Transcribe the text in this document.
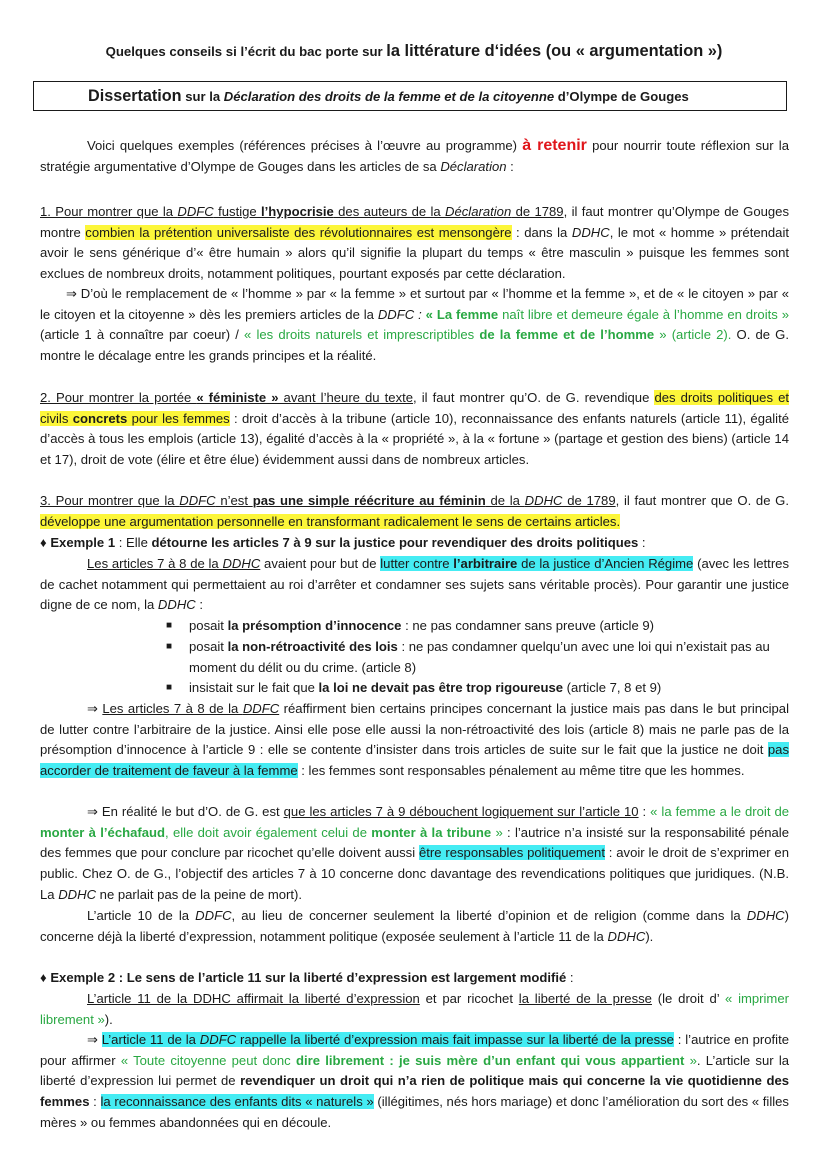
Quelques conseils si l’écrit du bac porte sur la littérature d‘idées (ou « argumentation »)
Dissertation sur la Déclaration des droits de la femme et de la citoyenne d’Olympe de Gouges
Voici quelques exemples (références précises à l’œuvre au programme) à retenir pour nourrir toute réflexion sur la stratégie argumentative d’Olympe de Gouges dans les articles de sa Déclaration :
1. Pour montrer que la DDFC fustige l’hypocrisie des auteurs de la Déclaration de 1789, il faut montrer qu’Olympe de Gouges montre combien la prétention universaliste des révolutionnaires est mensongère : dans la DDHC, le mot « homme » prétendait avoir le sens générique d’« être humain » alors qu’il signifie la plupart du temps « être masculin » puisque les femmes sont exclues de nombreux droits, notamment politiques, pourtant exposés par cette déclaration.
⇒ D’où le remplacement de « l’homme » par « la femme » et surtout par « l’homme et la femme », et de « le citoyen » par « le citoyen et la citoyenne » dès les premiers articles de la DDFC : « La femme naît libre et demeure égale à l’homme en droits » (article 1 à connaître par coeur) / « les droits naturels et imprescriptibles de la femme et de l’homme » (article 2). O. de G. montre le décalage entre les grands principes et la réalité.
2. Pour montrer la portée « féministe » avant l’heure du texte, il faut montrer qu’O. de G. revendique des droits politiques et civils concrets pour les femmes : droit d’accès à la tribune (article 10), reconnaissance des enfants naturels (article 11), égalité d’accès à tous les emplois (article 13), égalité d’accès à la « propriété », à la « fortune » (partage et gestion des biens) (article 14 et 17), droit de vote (élire et être élue) évidemment aussi dans de nombreux articles.
3. Pour montrer que la DDFC n’est pas une simple réécriture au féminin de la DDHC de 1789, il faut montrer que O. de G. développe une argumentation personnelle en transformant radicalement le sens de certains articles.
♦ Exemple 1 : Elle détourne les articles 7 à 9 sur la justice pour revendiquer des droits politiques :
Les articles 7 à 8 de la DDHC avaient pour but de lutter contre l’arbitraire de la justice d’Ancien Régime (avec les lettres de cachet notamment qui permettaient au roi d’arrêter et condamner ses sujets sans véritable procès). Pour garantir une justice digne de ce nom, la DDHC :
■ posait la présomption d’innocence : ne pas condamner sans preuve (article 9)
■ posait la non-rétroactivité des lois : ne pas condamner quelqu’un avec une loi qui n’existait pas au moment du délit ou du crime. (article 8)
■ insistait sur le fait que la loi ne devait pas être trop rigoureuse (article 7, 8 et 9)
⇒ Les articles 7 à 8 de la DDFC réaffirment bien certains principes concernant la justice mais pas dans le but principal de lutter contre l’arbitraire de la justice. Ainsi elle pose elle aussi la non-rétroactivité des lois (article 8) mais ne parle pas de la présomption d’innocence à l’article 9 : elle se contente d’insister dans trois articles de suite sur le fait que la justice ne doit pas accorder de traitement de faveur à la femme : les femmes sont responsables pénalement au même titre que les hommes.
⇒ En réalité le but d’O. de G. est que les articles 7 à 9 débouchent logiquement sur l’article 10 : « la femme a le droit de monter à l’échafaud, elle doit avoir également celui de monter à la tribune » : l’autrice n’a insisté sur la responsabilité pénale des femmes que pour conclure par ricochet qu’elle doivent aussi être responsables politiquement : avoir le droit de s’exprimer en public. Chez O. de G., l’objectif des articles 7 à 10 concerne donc davantage des revendications politiques que juridiques. (N.B. La DDHC ne parlait pas de la peine de mort).
L’article 10 de la DDFC, au lieu de concerner seulement la liberté d’opinion et de religion (comme dans la DDHC) concerne déjà la liberté d’expression, notamment politique (exposée seulement à l’article 11 de la DDHC).
♦ Exemple 2 : Le sens de l’article 11 sur la liberté d’expression est largement modifié :
L’article 11 de la DDHC affirmait la liberté d’expression et par ricochet la liberté de la presse (le droit d’ « imprimer librement »).
⇒ L’article 11 de la DDFC rappelle la liberté d’expression mais fait impasse sur la liberté de la presse : l’autrice en profite pour affirmer « Toute citoyenne peut donc dire librement : je suis mère d’un enfant qui vous appartient ». L’article sur la liberté d’expression lui permet de revendiquer un droit qui n’a rien de politique mais qui concerne la vie quotidienne des femmes : la reconnaissance des enfants dits « naturels » (illégitimes, nés hors mariage) et donc l’amélioration du sort des « filles mères » ou femmes abandonnées qui en découle.
